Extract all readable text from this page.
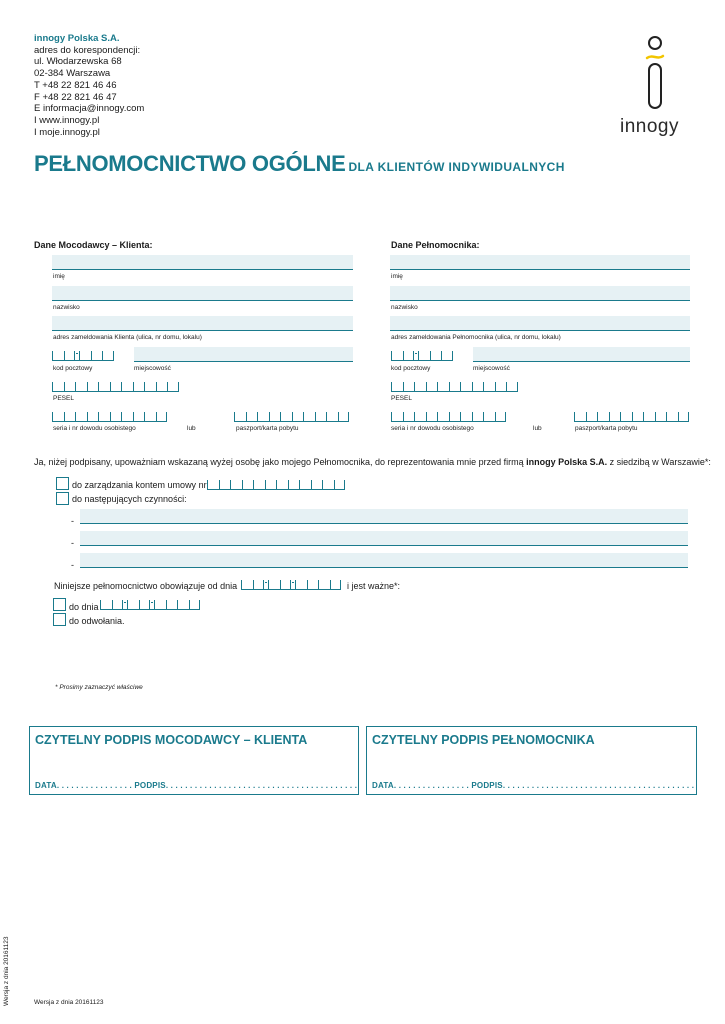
innogy Polska S.A.
adres do korespondencji:
ul. Włodarzewska 68
02-384 Warszawa
T +48 22 821 46 46
F +48 22 821 46 47
E informacja@innogy.com
I www.innogy.pl
I moje.innogy.pl	innogy
PEŁNOMOCNICTWO OGÓLNE DLA KLIENTÓW INDYWIDUALNYCH
Dane Mocodawcy – Klienta:
imię
nazwisko
adres zameldowania Klienta (ulica, nr domu, lokalu)
kod pocztowy	miejscowość
PESEL
seria i nr dowodu osobistego	lub	paszport/karta pobytu
Dane Pełnomocnika:
imię
nazwisko
adres zameldowania Pełnomocnika (ulica, nr domu, lokalu)
kod pocztowy	miejscowość
PESEL
seria i nr dowodu osobistego	lub	paszport/karta pobytu
Ja, niżej podpisany, upoważniam wskazaną wyżej osobę jako mojego Pełnomocnika, do reprezentowania mnie przed firmą innogy Polska S.A. z siedzibą w Warszawie*:
do zarządzania kontem umowy nr
do następujących czynności:
-
-
-
Niniejsze pełnomocnictwo obowiązuje od dnia	i jest ważne*:
do dnia
do odwołania.
* Prosimy zaznaczyć właściwe
CZYTELNY PODPIS MOCODAWCY – KLIENTA
DATA. . . . . . . . . . . . . . . . PODPIS. . . . . . . . . . . . . . . . . . . . . . . . . . . . . . . . . . . . . . . .
CZYTELNY PODPIS PEŁNOMOCNIKA
DATA. . . . . . . . . . . . . . . . PODPIS. . . . . . . . . . . . . . . . . . . . . . . . . . . . . . . . . . . . . . . .
Wersja z dnia 20161123	Wersja z dnia 20161123
